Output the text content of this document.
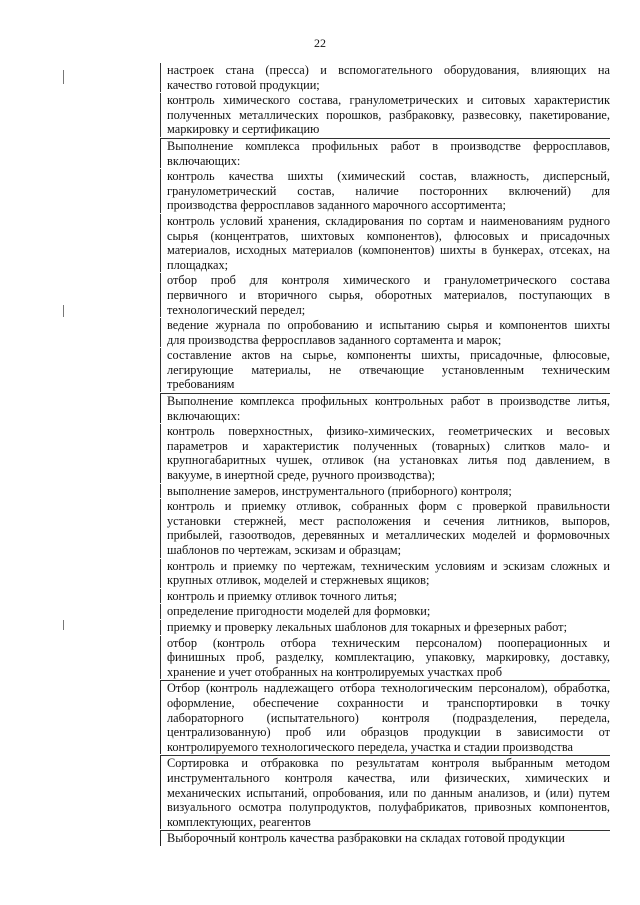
22
настроек стана (пресса) и вспомогательного оборудования, влияющих на
качество готовой продукции;
контроль химического состава, гранулометрических и ситовых характеристик
полученных металлических порошков, разбраковку, развесовку, пакетирование,
маркировку и сертификацию
Выполнение комплекса профильных работ в производстве ферросплавов,
включающих:
контроль качества шихты (химический состав, влажность, дисперсный,
гранулометрический состав, наличие посторонних включений) для
производства ферросплавов заданного марочного ассортимента;
контроль условий хранения, складирования по сортам и наименованиям рудного
сырья (концентратов, шихтовых компонентов), флюсовых и присадочных
материалов, исходных материалов (компонентов) шихты в бункерах, отсеках, на
площадках;
отбор проб для контроля химического и гранулометрического состава
первичного и вторичного сырья, оборотных материалов, поступающих в
технологический передел;
ведение журнала по опробованию и испытанию сырья и компонентов шихты
для производства ферросплавов заданного сортамента и марок;
составление актов на сырье, компоненты шихты, присадочные, флюсовые,
легирующие материалы, не отвечающие установленным техническим
требованиям
Выполнение комплекса профильных контрольных работ в производстве литья,
включающих:
контроль поверхностных, физико-химических, геометрических и весовых
параметров и характеристик полученных (товарных) слитков мало- и
крупногабаритных чушек, отливок (на установках литья под давлением, в
вакууме, в инертной среде, ручного производства);
выполнение замеров, инструментального (приборного) контроля;
контроль и приемку отливок, собранных форм с проверкой правильности
установки стержней, мест расположения и сечения литников, выпоров,
прибылей, газоотводов, деревянных и металлических моделей и формовочных
шаблонов по чертежам, эскизам и образцам;
контроль и приемку по чертежам, техническим условиям и эскизам сложных и
крупных отливок, моделей и стержневых ящиков;
контроль и приемку отливок точного литья;
определение пригодности моделей для формовки;
приемку и проверку лекальных шаблонов для токарных и фрезерных работ;
отбор (контроль отбора техническим персоналом) пооперационных и
финишных проб, разделку, комплектацию, упаковку, маркировку, доставку,
хранение и учет отобранных на контролируемых участках проб
Отбор (контроль надлежащего отбора технологическим персоналом), обработка,
оформление, обеспечение сохранности и транспортировки в точку
лабораторного (испытательного) контроля (подразделения, передела,
централизованную) проб или образцов продукции в зависимости от
контролируемого технологического передела, участка и стадии производства
Сортировка и отбраковка по результатам контроля выбранным методом
инструментального контроля качества, или физических, химических и
механических испытаний, опробования, или по данным анализов, и (или) путем
визуального осмотра полупродуктов, полуфабрикатов, привозных компонентов,
комплектующих, реагентов
Выборочный контроль качества разбраковки на складах готовой продукции
